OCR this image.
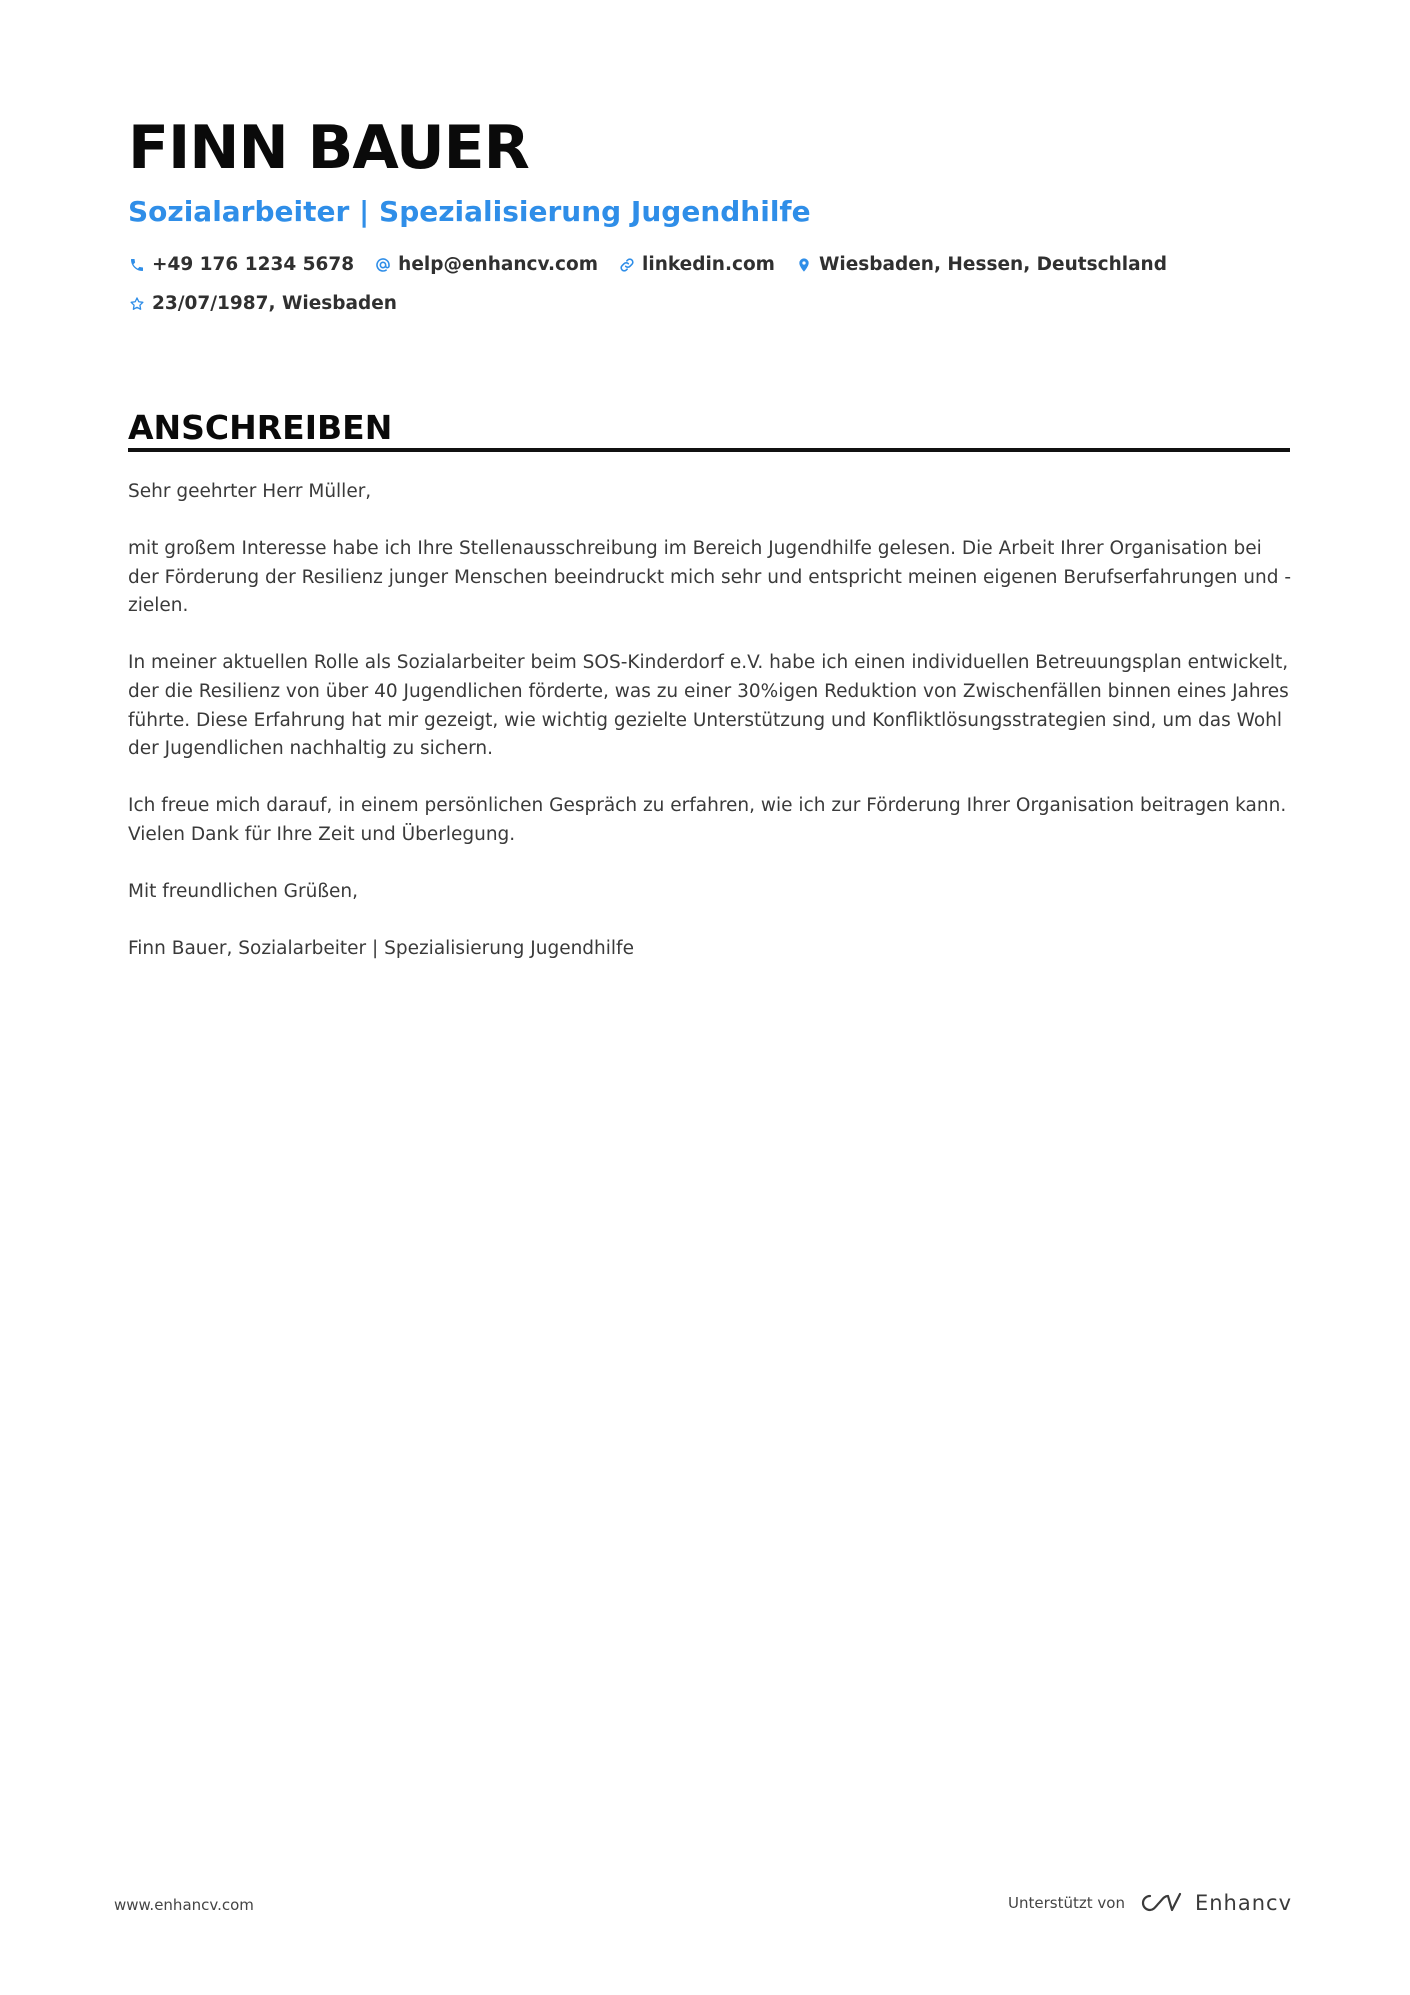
FINN BAUER
Sozialarbeiter | Spezialisierung Jugendhilfe
+49 176 1234 5678 help@enhancv.com linkedin.com Wiesbaden, Hessen, Deutschland
23/07/1987, Wiesbaden
ANSCHREIBEN

Sehr geehrter Herr Müller,

mit großem Interesse habe ich Ihre Stellenausschreibung im Bereich Jugendhilfe gelesen. Die Arbeit Ihrer Organisation bei der Förderung der Resilienz junger Menschen beeindruckt mich sehr und entspricht meinen eigenen Berufserfahrungen und -zielen.

In meiner aktuellen Rolle als Sozialarbeiter beim SOS-Kinderdorf e.V. habe ich einen individuellen Betreuungsplan entwickelt, der die Resilienz von über 40 Jugendlichen förderte, was zu einer 30%igen Reduktion von Zwischenfällen binnen eines Jahres führte. Diese Erfahrung hat mir gezeigt, wie wichtig gezielte Unterstützung und Konfliktlösungsstrategien sind, um das Wohl der Jugendlichen nachhaltig zu sichern.

Ich freue mich darauf, in einem persönlichen Gespräch zu erfahren, wie ich zur Förderung Ihrer Organisation beitragen kann. Vielen Dank für Ihre Zeit und Überlegung.

Mit freundlichen Grüßen,

Finn Bauer, Sozialarbeiter | Spezialisierung Jugendhilfe

www.enhancv.com	Unterstützt von	Enhancv
